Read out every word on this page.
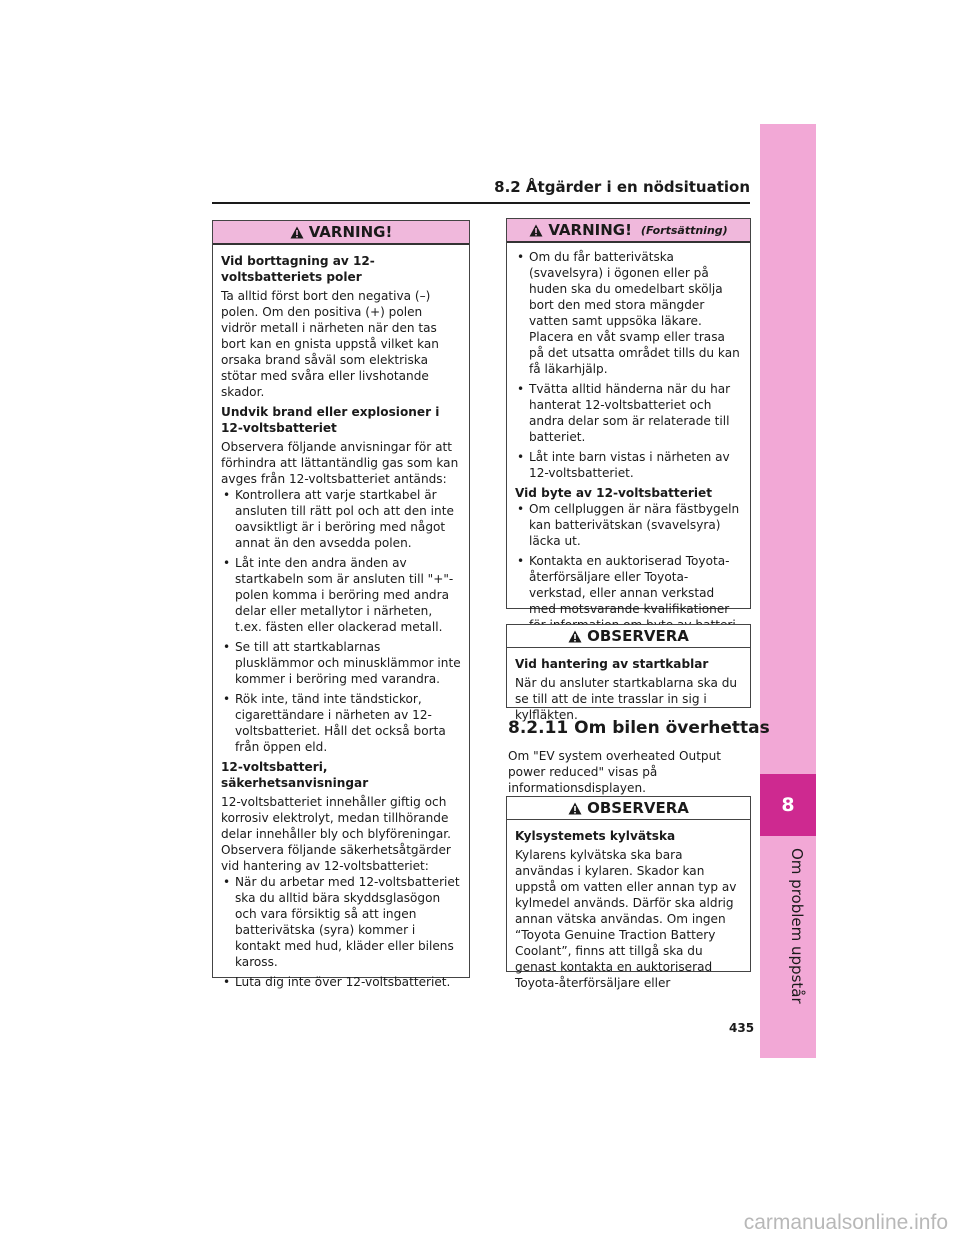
8.2 Åtgärder i en nödsituation
8
Om problem uppstår
VARNING!

Vid borttagning av 12-voltsbatteriets poler

Ta alltid först bort den negativa (–) polen. Om den positiva (+) polen vidrör metall i närheten när den tas bort kan en gnista uppstå vilket kan orsaka brand såväl som elektriska stötar med svåra eller livshotande skador.

Undvik brand eller explosioner i 12-voltsbatteriet

Observera följande anvisningar för att förhindra att lättantändlig gas som kan avges från 12-voltsbatteriet antänds:

• Kontrollera att varje startkabel är ansluten till rätt pol och att den inte oavsiktligt är i beröring med något annat än den avsedda polen.
• Låt inte den andra änden av startkabeln som är ansluten till "+"-polen komma i beröring med andra delar eller metallytor i närheten, t.ex. fästen eller olackerad metall.
• Se till att startkablarnas plusklämmor och minusklämmor inte kommer i beröring med varandra.
• Rök inte, tänd inte tändstickor, cigarettändare i närheten av 12-voltsbatteriet. Håll det också borta från öppen eld.

12-voltsbatteri, säkerhetsanvisningar

12-voltsbatteriet innehåller giftig och korrosiv elektrolyt, medan tillhörande delar innehåller bly och blyföreningar. Observera följande säkerhetsåtgärder vid hantering av 12-voltsbatteriet:

• När du arbetar med 12-voltsbatteriet ska du alltid bära skyddsglasögon och vara försiktig så att ingen batterivätska (syra) kommer i kontakt med hud, kläder eller bilens kaross.
• Luta dig inte över 12-voltsbatteriet.
VARNING! (Fortsättning)
• Om du får batterivätska (svavelsyra) i ögonen eller på huden ska du omedelbart skölja bort den med stora mängder vatten samt uppsöka läkare. Placera en våt svamp eller trasa på det utsatta området tills du kan få läkarhjälp.
• Tvätta alltid händerna när du har hanterat 12-voltsbatteriet och andra delar som är relaterade till batteriet.
• Låt inte barn vistas i närheten av 12-voltsbatteriet.

Vid byte av 12-voltsbatteriet

• Om cellpluggen är nära fästbygeln kan batterivätskan (svavelsyra) läcka ut.
• Kontakta en auktoriserad Toyota-återförsäljare eller Toyota-verkstad, eller annan verkstad med motsvarande kvalifikationer
OBSERVERA

Vid hantering av startkablar

När du ansluter startkablarna ska du se till att de inte trasslar in sig i kylfläkten.

8.2.11 Om bilen överhettas
Om "EV system overheated Output power reduced" visas på informationsdisplayen.
OBSERVERA

Kylsystemets kylvätska

Kylarens kylvätska ska bara användas i kylaren. Skador kan uppstå om vatten eller annan typ av kylmedel används. Därför ska aldrig annan vätska användas. Om ingen “Toyota Genuine Traction Battery Coolant”, finns att tillgå ska du genast kontakta en auktoriserad Toyota-återförsäljare eller

435
carmanualsonline.info
